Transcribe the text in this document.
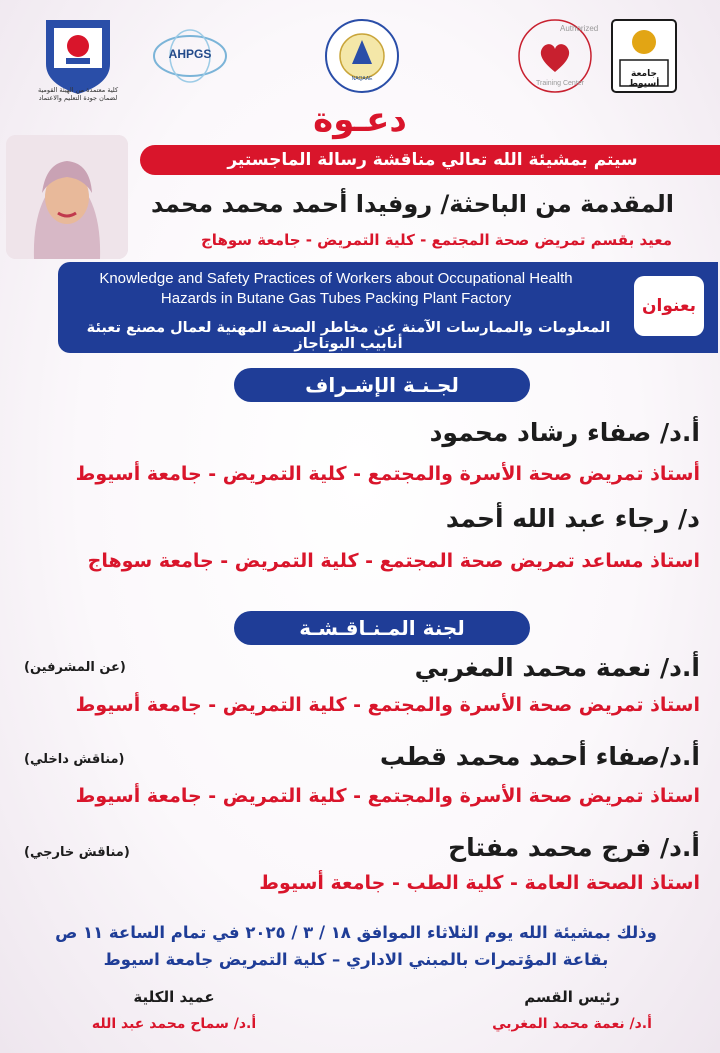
كلية معتمدة من الهيئة القومية
لضمان جودة التعليم والاعتماد
AHPGS
NAQAAE
Authorized
Training Center
جامعة أسيوط
دعـوة
سيتم بمشيئة الله تعالي مناقشة رسالة الماجستير
المقدمة من الباحثة/ روفيدا أحمد محمد محمد
معيد بقسم تمريض صحة المجتمع - كلية التمريض - جامعة سوهاج
Knowledge and Safety Practices of Workers about Occupational Health
Hazards in Butane Gas Tubes Packing Plant Factory
المعلومات والممارسات الآمنة عن مخاطر الصحة المهنية لعمال مصنع تعبئة أنابيب البوتاجاز
بعنوان
لجـنـة الإشـراف
أ.د/ صفاء رشاد محمود
أستاذ تمريض صحة الأسرة والمجتمع - كلية التمريض - جامعة أسيوط
د/ رجاء عبد الله أحمد
استاذ مساعد تمريض صحة المجتمع - كلية التمريض - جامعة سوهاج
لجنة المـنـاقـشـة
أ.د/ نعمة محمد المغربي
(عن المشرفين)
استاذ تمريض صحة الأسرة والمجتمع - كلية التمريض - جامعة أسيوط
أ.د/صفاء أحمد محمد قطب
(مناقش داخلي)
استاذ تمريض صحة الأسرة والمجتمع - كلية التمريض - جامعة أسيوط
أ.د/ فرج محمد مفتاح
(مناقش خارجي)
استاذ الصحة العامة - كلية الطب - جامعة أسيوط
وذلك بمشيئة الله يوم الثلاثاء الموافق ١٨ / ٣ / ٢٠٢٥ في تمام الساعة ١١ ص
بقاعة المؤتمرات بالمبني الاداري – كلية التمريض جامعة اسيوط
عميد الكلية
أ.د/ سماح محمد عبد الله
رئيس القسم
أ.د/ نعمة محمد المغربي
